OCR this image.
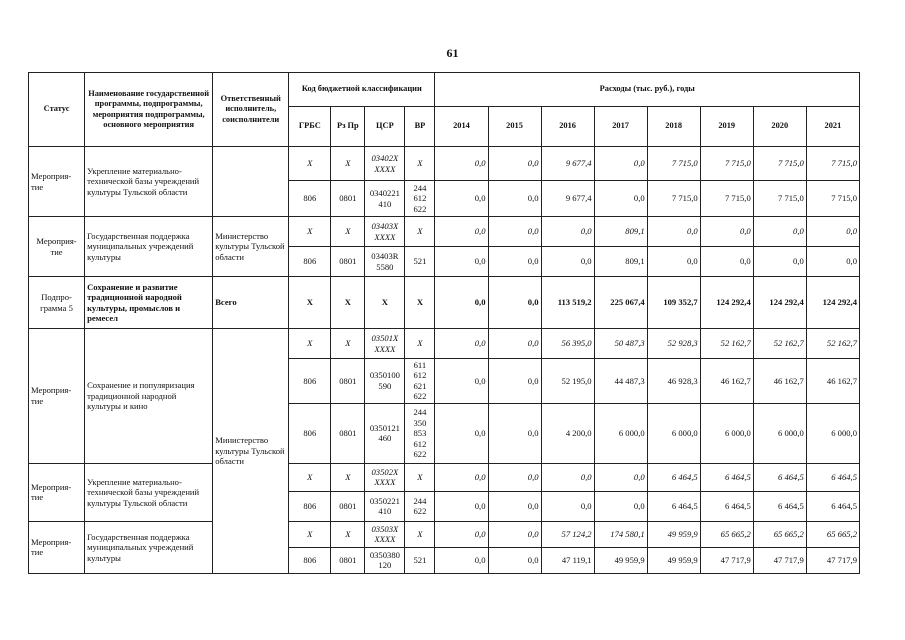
61
Статус	Наименование государственной программы, подпрограммы, мероприятия подпрограммы, основного мероприятия	Ответственный исполнитель, соисполнители	Код бюджетной классификации				Расходы (тыс. руб.), годы							
			ГРБС	Рз Пр	ЦСР	ВР	2014	2015	2016	2017	2018	2019	2020	2021
Мероприя-тие	Укрепление материально-технической базы учреждений культуры Тульской области		X	X	03402X XXXX	X	0,0	0,0	9 677,4	0,0	7 715,0	7 715,0	7 715,0	7 715,0
			806	0801	0340221 410	244 612 622	0,0	0,0	9 677,4	0,0	7 715,0	7 715,0	7 715,0	7 715,0
Мероприя-тие	Государственная поддержка муниципальных учреждений культуры	Министерство культуры Тульской области	X	X	03403X XXXX	X	0,0	0,0	0,0	809,1	0,0	0,0	0,0	0,0
			806	0801	03403R 5580	521	0,0	0,0	0,0	809,1	0,0	0,0	0,0	0,0
Подпро-грамма 5	Сохранение и развитие традиционной народной культуры, промыслов и ремесел	Всего	X	X	X	X	0,0	0,0	113 519,2	225 067,4	109 352,7	124 292,4	124 292,4	124 292,4
Мероприя-тие	Сохранение и популяризация традиционной народной культуры и кино	Министерство культуры Тульской области	X	X	03501X XXXX	X	0,0	0,0	56 395,0	50 487,3	52 928,3	52 162,7	52 162,7	52 162,7
			806	0801	0350100 590	611 612 621 622	0,0	0,0	52 195,0	44 487,3	46 928,3	46 162,7	46 162,7	46 162,7
			806	0801	0350121 460	244 350 853 612 622	0,0	0,0	4 200,0	6 000,0	6 000,0	6 000,0	6 000,0	6 000,0
Мероприя-тие	Укрепление материально-технической базы учреждений культуры Тульской области		X	X	03502X XXXX	X	0,0	0,0	0,0	0,0	6 464,5	6 464,5	6 464,5	6 464,5
			806	0801	0350221 410	244 622	0,0	0,0	0,0	0,0	6 464,5	6 464,5	6 464,5	6 464,5
Мероприя-тие	Государственная поддержка муниципальных учреждений культуры		X	X	03503X XXXX	X	0,0	0,0	57 124,2	174 580,1	49 959,9	65 665,2	65 665,2	65 665,2
			806	0801	0350380 120	521	0,0	0,0	47 119,1	49 959,9	49 959,9	47 717,9	47 717,9	47 717,9
